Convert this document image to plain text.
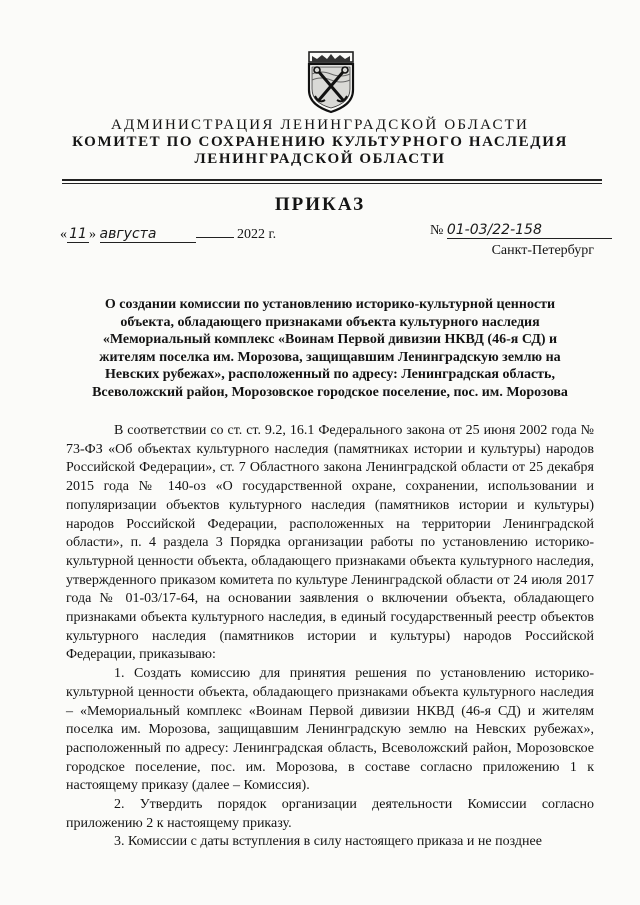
АДМИНИСТРАЦИЯ ЛЕНИНГРАДСКОЙ ОБЛАСТИ
КОМИТЕТ ПО СОХРАНЕНИЮ КУЛЬТУРНОГО НАСЛЕДИЯ
ЛЕНИНГРАДСКОЙ ОБЛАСТИ
ПРИКАЗ
« 11 » августа	2022 г.	№ 01-03/22-158
Санкт-Петербург
О создании комиссии по установлению историко-культурной ценности
объекта, обладающего признаками объекта культурного наследия
«Мемориальный комплекс «Воинам Первой дивизии НКВД (46-я СД) и
жителям поселка им. Морозова, защищавшим Ленинградскую землю на
Невских рубежах», расположенный по адресу: Ленинградская область,
Всеволожский район, Морозовское городское поселение, пос. им. Морозова

В соответствии со ст. ст. 9.2, 16.1 Федерального закона от 25 июня 2002 года № 73-ФЗ «Об объектах культурного наследия (памятниках истории и культуры) народов Российской Федерации», ст. 7 Областного закона Ленинградской области от 25 декабря 2015 года № 140-оз «О государственной охране, сохранении, использовании и популяризации объектов культурного наследия (памятников истории и культуры) народов Российской Федерации, расположенных на территории Ленинградской области», п. 4 раздела 3 Порядка организации работы по установлению историко-культурной ценности объекта, обладающего признаками объекта культурного наследия, утвержденного приказом комитета по культуре Ленинградской области от 24 июля 2017 года № 01-03/17-64, на основании заявления о включении объекта, обладающего признаками объекта культурного наследия, в единый государственный реестр объектов культурного наследия (памятников истории и культуры) народов Российской Федерации, приказываю:

1. Создать комиссию для принятия решения по установлению историко-культурной ценности объекта, обладающего признаками объекта культурного наследия – «Мемориальный комплекс «Воинам Первой дивизии НКВД (46-я СД) и жителям поселка им. Морозова, защищавшим Ленинградскую землю на Невских рубежах», расположенный по адресу: Ленинградская область, Всеволожский район, Морозовское городское поселение, пос. им. Морозова, в составе согласно приложению 1 к настоящему приказу (далее – Комиссия).

2. Утвердить порядок организации деятельности Комиссии согласно приложению 2 к настоящему приказу.

3. Комиссии с даты вступления в силу настоящего приказа и не позднее
